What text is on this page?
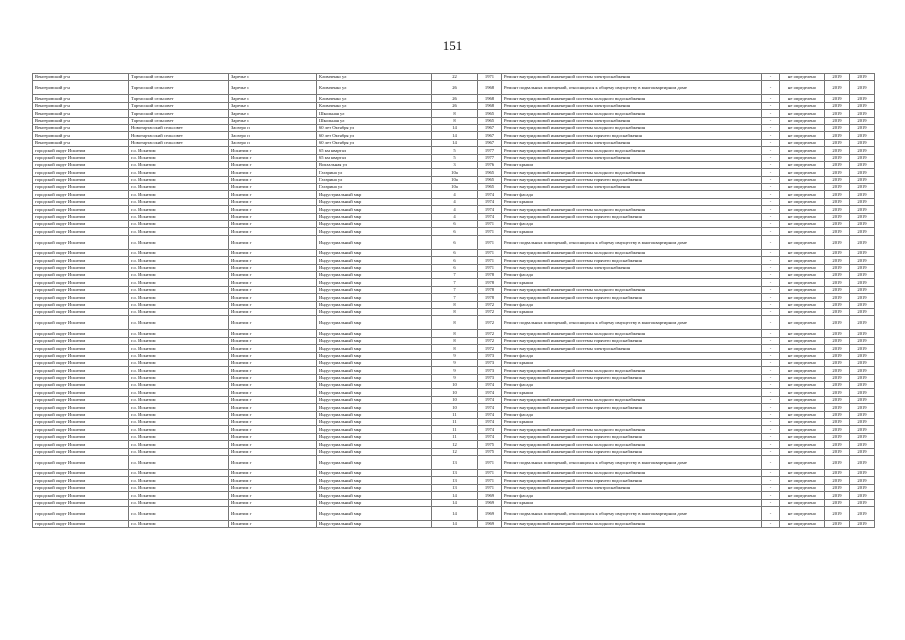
151
Венгеровский р-н	Тартасский сельсовет	Заречье с	Климченко ул	22	1971	Ремонт внутридомовой инженерной системы электроснабжения	-	не определено	2019	2019
Венгеровский р-н	Тартасский сельсовет	Заречье с	Климченко ул	26	1968	Ремонт подвальных помещений, относящихся к общему имуществу в многоквартирном доме	-	не определено	2019	2019
Венгеровский р-н	Тартасский сельсовет	Заречье с	Климченко ул	26	1968	Ремонт внутридомовой инженерной системы холодного водоснабжения	-	не определено	2019	2019
Венгеровский р-н	Тартасский сельсовет	Заречье с	Климченко ул	26	1968	Ремонт внутридомовой инженерной системы электроснабжения	-	не определено	2019	2019
Венгеровский р-н	Тартасский сельсовет	Заречье с	Школьная ул	8	1965	Ремонт внутридомовой инженерной системы холодного водоснабжения	-	не определено	2019	2019
Венгеровский р-н	Тартасский сельсовет	Заречье с	Школьная ул	8	1965	Ремонт внутридомовой инженерной системы электроснабжения	-	не определено	2019	2019
Венгеровский р-н	Новотартасский сельсовет	Заозеро п	60 лет Октября ул	14	1967	Ремонт внутридомовой инженерной системы холодного водоснабжения	-	не определено	2019	2019
Венгеровский р-н	Новотартасский сельсовет	Заозеро п	60 лет Октября ул	14	1967	Ремонт внутридомовой инженерной системы горячего водоснабжения	-	не определено	2019	2019
Венгеровский р-н	Новотартасский сельсовет	Заозеро п	60 лет Октября ул	14	1967	Ремонт внутридомовой инженерной системы электроснабжения	-	не определено	2019	2019
городской округ Искитим	г.о. Искитим	Искитим г	65 км квартал	5	1977	Ремонт внутридомовой инженерной системы холодного водоснабжения	-	не определено	2019	2019
городской округ Искитим	г.о. Искитим	Искитим г	65 км квартал	5	1977	Ремонт внутридомовой инженерной системы электроснабжения	-	не определено	2019	2019
городской округ Искитим	г.о. Искитим	Искитим г	Вокзальная ул	3	1976	Ремонт крыши	-	не определено	2019	2019
городской округ Искитим	г.о. Искитим	Искитим г	Гагарина ул	10а	1965	Ремонт внутридомовой инженерной системы холодного водоснабжения	-	не определено	2019	2019
городской округ Искитим	г.о. Искитим	Искитим г	Гагарина ул	10а	1965	Ремонт внутридомовой инженерной системы горячего водоснабжения	-	не определено	2019	2019
городской округ Искитим	г.о. Искитим	Искитим г	Гагарина ул	10а	1965	Ремонт внутридомовой инженерной системы электроснабжения	-	не определено	2019	2019
городской округ Искитим	г.о. Искитим	Искитим г	Индустриальный мкр	4	1974	Ремонт фасада	-	не определено	2019	2019
городской округ Искитим	г.о. Искитим	Искитим г	Индустриальный мкр	4	1974	Ремонт крыши	-	не определено	2019	2019
городской округ Искитим	г.о. Искитим	Искитим г	Индустриальный мкр	4	1974	Ремонт внутридомовой инженерной системы холодного водоснабжения	-	не определено	2019	2019
городской округ Искитим	г.о. Искитим	Искитим г	Индустриальный мкр	4	1974	Ремонт внутридомовой инженерной системы горячего водоснабжения	-	не определено	2019	2019
городской округ Искитим	г.о. Искитим	Искитим г	Индустриальный мкр	6	1971	Ремонт фасада	-	не определено	2019	2019
городской округ Искитим	г.о. Искитим	Искитим г	Индустриальный мкр	6	1971	Ремонт крыши	-	не определено	2019	2019
городской округ Искитим	г.о. Искитим	Искитим г	Индустриальный мкр	6	1971	Ремонт подвальных помещений, относящихся к общему имуществу в многоквартирном доме	-	не определено	2019	2019
городской округ Искитим	г.о. Искитим	Искитим г	Индустриальный мкр	6	1971	Ремонт внутридомовой инженерной системы холодного водоснабжения	-	не определено	2019	2019
городской округ Искитим	г.о. Искитим	Искитим г	Индустриальный мкр	6	1971	Ремонт внутридомовой инженерной системы горячего водоснабжения	-	не определено	2019	2019
городской округ Искитим	г.о. Искитим	Искитим г	Индустриальный мкр	6	1971	Ремонт внутридомовой инженерной системы электроснабжения	-	не определено	2019	2019
городской округ Искитим	г.о. Искитим	Искитим г	Индустриальный мкр	7	1978	Ремонт фасада	-	не определено	2019	2019
городской округ Искитим	г.о. Искитим	Искитим г	Индустриальный мкр	7	1978	Ремонт крыши	-	не определено	2019	2019
городской округ Искитим	г.о. Искитим	Искитим г	Индустриальный мкр	7	1978	Ремонт внутридомовой инженерной системы холодного водоснабжения	-	не определено	2019	2019
городской округ Искитим	г.о. Искитим	Искитим г	Индустриальный мкр	7	1978	Ремонт внутридомовой инженерной системы горячего водоснабжения	-	не определено	2019	2019
городской округ Искитим	г.о. Искитим	Искитим г	Индустриальный мкр	8	1972	Ремонт фасада	-	не определено	2019	2019
городской округ Искитим	г.о. Искитим	Искитим г	Индустриальный мкр	8	1972	Ремонт крыши	-	не определено	2019	2019
городской округ Искитим	г.о. Искитим	Искитим г	Индустриальный мкр	8	1972	Ремонт подвальных помещений, относящихся к общему имуществу в многоквартирном доме	-	не определено	2019	2019
городской округ Искитим	г.о. Искитим	Искитим г	Индустриальный мкр	8	1972	Ремонт внутридомовой инженерной системы холодного водоснабжения	-	не определено	2019	2019
городской округ Искитим	г.о. Искитим	Искитим г	Индустриальный мкр	8	1972	Ремонт внутридомовой инженерной системы горячего водоснабжения	-	не определено	2019	2019
городской округ Искитим	г.о. Искитим	Искитим г	Индустриальный мкр	8	1972	Ремонт внутридомовой инженерной системы электроснабжения	-	не определено	2019	2019
городской округ Искитим	г.о. Искитим	Искитим г	Индустриальный мкр	9	1973	Ремонт фасада	-	не определено	2019	2019
городской округ Искитим	г.о. Искитим	Искитим г	Индустриальный мкр	9	1973	Ремонт крыши	-	не определено	2019	2019
городской округ Искитим	г.о. Искитим	Искитим г	Индустриальный мкр	9	1973	Ремонт внутридомовой инженерной системы холодного водоснабжения	-	не определено	2019	2019
городской округ Искитим	г.о. Искитим	Искитим г	Индустриальный мкр	9	1973	Ремонт внутридомовой инженерной системы горячего водоснабжения	-	не определено	2019	2019
городской округ Искитим	г.о. Искитим	Искитим г	Индустриальный мкр	10	1974	Ремонт фасада	-	не определено	2019	2019
городской округ Искитим	г.о. Искитим	Искитим г	Индустриальный мкр	10	1974	Ремонт крыши	-	не определено	2019	2019
городской округ Искитим	г.о. Искитим	Искитим г	Индустриальный мкр	10	1974	Ремонт внутридомовой инженерной системы холодного водоснабжения	-	не определено	2019	2019
городской округ Искитим	г.о. Искитим	Искитим г	Индустриальный мкр	10	1974	Ремонт внутридомовой инженерной системы горячего водоснабжения	-	не определено	2019	2019
городской округ Искитим	г.о. Искитим	Искитим г	Индустриальный мкр	11	1974	Ремонт фасада	-	не определено	2019	2019
городской округ Искитим	г.о. Искитим	Искитим г	Индустриальный мкр	11	1974	Ремонт крыши	-	не определено	2019	2019
городской округ Искитим	г.о. Искитим	Искитим г	Индустриальный мкр	11	1974	Ремонт внутридомовой инженерной системы холодного водоснабжения	-	не определено	2019	2019
городской округ Искитим	г.о. Искитим	Искитим г	Индустриальный мкр	11	1974	Ремонт внутридомовой инженерной системы горячего водоснабжения	-	не определено	2019	2019
городской округ Искитим	г.о. Искитим	Искитим г	Индустриальный мкр	12	1975	Ремонт внутридомовой инженерной системы холодного водоснабжения	-	не определено	2019	2019
городской округ Искитим	г.о. Искитим	Искитим г	Индустриальный мкр	12	1975	Ремонт внутридомовой инженерной системы горячего водоснабжения	-	не определено	2019	2019
городской округ Искитим	г.о. Искитим	Искитим г	Индустриальный мкр	13	1971	Ремонт подвальных помещений, относящихся к общему имуществу в многоквартирном доме	-	не определено	2019	2019
городской округ Искитим	г.о. Искитим	Искитим г	Индустриальный мкр	13	1971	Ремонт внутридомовой инженерной системы холодного водоснабжения	-	не определено	2019	2019
городской округ Искитим	г.о. Искитим	Искитим г	Индустриальный мкр	13	1971	Ремонт внутридомовой инженерной системы горячего водоснабжения	-	не определено	2019	2019
городской округ Искитим	г.о. Искитим	Искитим г	Индустриальный мкр	13	1971	Ремонт внутридомовой инженерной системы электроснабжения	-	не определено	2019	2019
городской округ Искитим	г.о. Искитим	Искитим г	Индустриальный мкр	14	1969	Ремонт фасада	-	не определено	2019	2019
городской округ Искитим	г.о. Искитим	Искитим г	Индустриальный мкр	14	1969	Ремонт крыши	-	не определено	2019	2019
городской округ Искитим	г.о. Искитим	Искитим г	Индустриальный мкр	14	1969	Ремонт подвальных помещений, относящихся к общему имуществу в многоквартирном доме	-	не определено	2019	2019
городской округ Искитим	г.о. Искитим	Искитим г	Индустриальный мкр	14	1969	Ремонт внутридомовой инженерной системы холодного водоснабжения	-	не определено	2019	2019
